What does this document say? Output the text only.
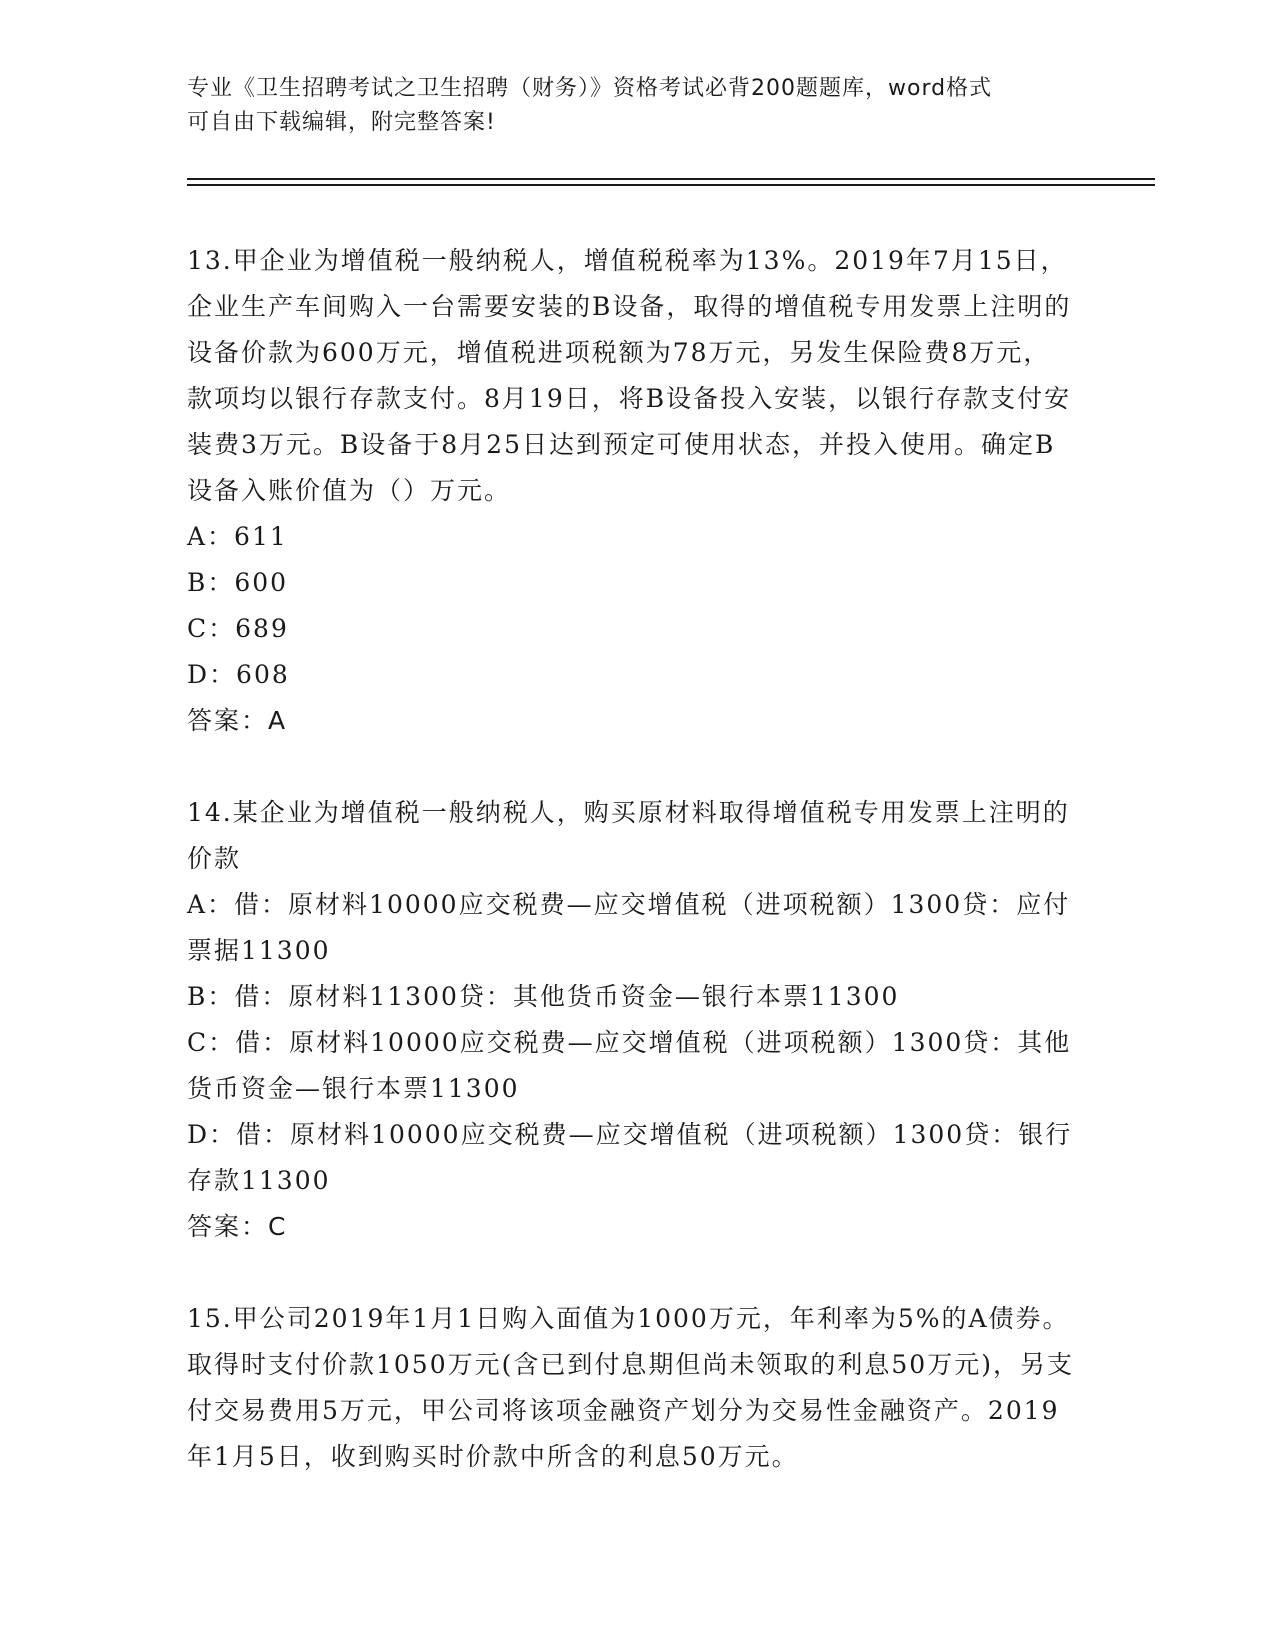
专业《卫生招聘考试之卫生招聘（财务）》资格考试必背200题题库，word格式
可自由下载编辑，附完整答案!

13.甲企业为增值税一般纳税人，增值税税率为13%。2019年7月15日，企业生产车间购入一台需要安装的B设备，取得的增值税专用发票上注明的设备价款为600万元，增值税进项税额为78万元，另发生保险费8万元，款项均以银行存款支付。8月19日，将B设备投入安装，以银行存款支付安装费3万元。B设备于8月25日达到预定可使用状态，并投入使用。确定B设备入账价值为（）万元。

A：611

B：600

C：689

D：608

答案：A

14.某企业为增值税一般纳税人，购买原材料取得增值税专用发票上注明的价款

A：借：原材料10000应交税费—应交增值税（进项税额）1300贷：应付票据11300

B：借：原材料11300贷：其他货币资金—银行本票11300

C：借：原材料10000应交税费—应交增值税（进项税额）1300贷：其他货币资金—银行本票11300

D：借：原材料10000应交税费—应交增值税（进项税额）1300贷：银行存款11300

答案：C

15.甲公司2019年1月1日购入面值为1000万元，年利率为5%的A债券。取得时支付价款1050万元(含已到付息期但尚未领取的利息50万元)，另支付交易费用5万元，甲公司将该项金融资产划分为交易性金融资产。2019年1月5日，收到购买时价款中所含的利息50万元。
